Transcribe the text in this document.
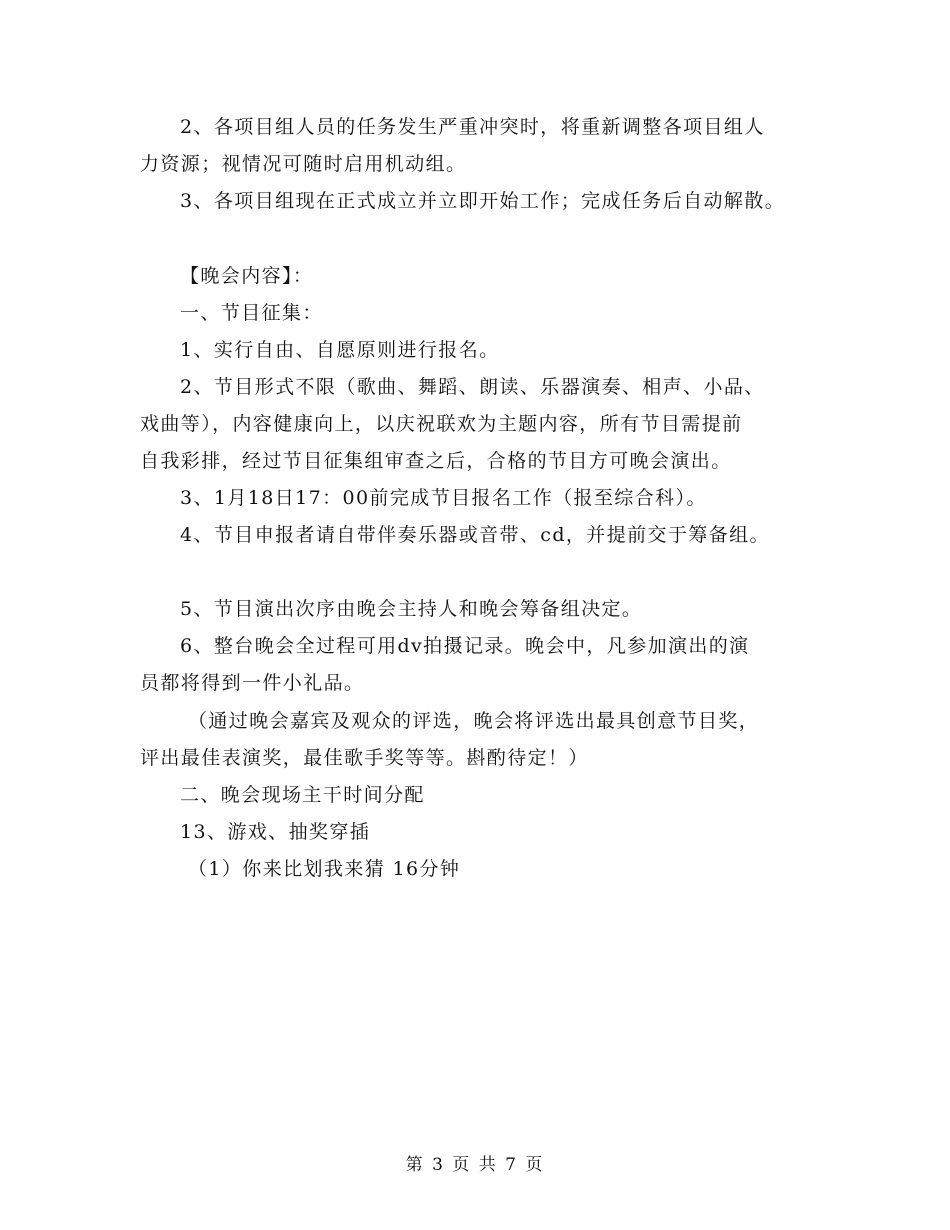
2、各项目组人员的任务发生严重冲突时，将重新调整各项目组人
力资源；视情况可随时启用机动组。
3、各项目组现在正式成立并立即开始工作；完成任务后自动解散。
【晚会内容】：
一、节目征集：
1、实行自由、自愿原则进行报名。
2、节目形式不限（歌曲、舞蹈、朗读、乐器演奏、相声、小品、
戏曲等），内容健康向上，以庆祝联欢为主题内容，所有节目需提前
自我彩排，经过节目征集组审查之后，合格的节目方可晚会演出。
3、1月18日17：00前完成节目报名工作（报至综合科）。
4、节目申报者请自带伴奏乐器或音带、cd，并提前交于筹备组。
5、节目演出次序由晚会主持人和晚会筹备组决定。
6、整台晚会全过程可用dv拍摄记录。晚会中，凡参加演出的演
员都将得到一件小礼品。
（通过晚会嘉宾及观众的评选，晚会将评选出最具创意节目奖，
评出最佳表演奖，最佳歌手奖等等。斟酌待定！）
二、晚会现场主干时间分配
13、游戏、抽奖穿插
（1）你来比划我来猜 16分钟
第 3 页 共 7 页
